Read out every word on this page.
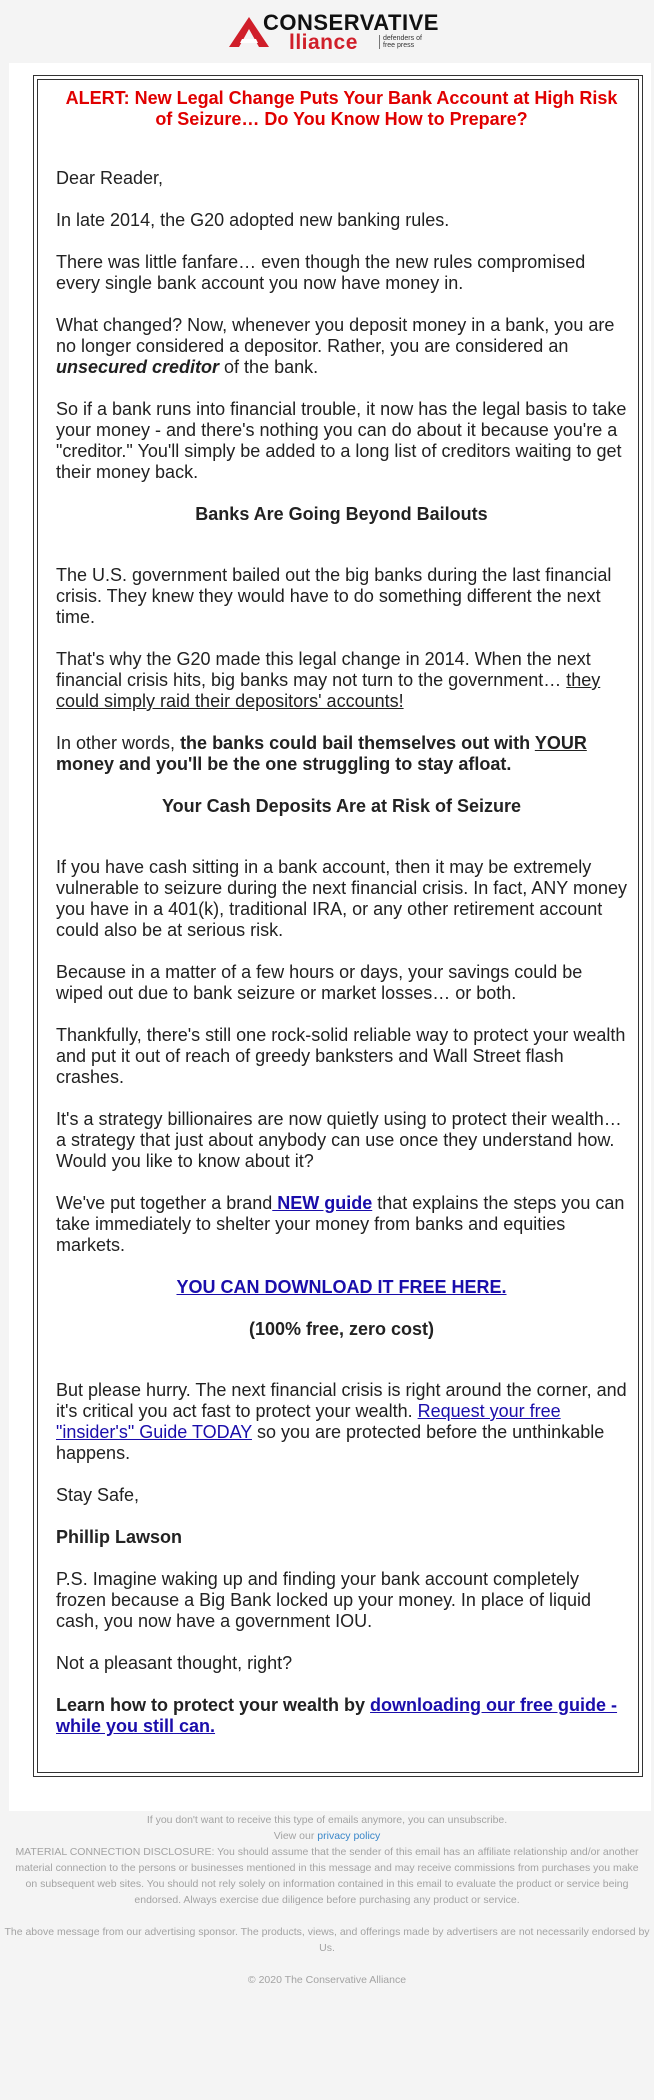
CONSERVATIVE
lliance	defenders of
free press
ALERT: New Legal Change Puts Your Bank Account at High Risk of Seizure… Do You Know How to Prepare?

Dear Reader,

In late 2014, the G20 adopted new banking rules.

There was little fanfare… even though the new rules compromised every single bank account you now have money in.

What changed? Now, whenever you deposit money in a bank, you are no longer considered a depositor. Rather, you are considered an unsecured creditor of the bank.

So if a bank runs into financial trouble, it now has the legal basis to take your money - and there's nothing you can do about it because you're a "creditor." You'll simply be added to a long list of creditors waiting to get their money back.

Banks Are Going Beyond Bailouts

The U.S. government bailed out the big banks during the last financial crisis. They knew they would have to do something different the next time.

That's why the G20 made this legal change in 2014. When the next financial crisis hits, big banks may not turn to the government… they could simply raid their depositors' accounts!

In other words, the banks could bail themselves out with YOUR money and you'll be the one struggling to stay afloat.

Your Cash Deposits Are at Risk of Seizure

If you have cash sitting in a bank account, then it may be extremely vulnerable to seizure during the next financial crisis. In fact, ANY money you have in a 401(k), traditional IRA, or any other retirement account could also be at serious risk.

Because in a matter of a few hours or days, your savings could be wiped out due to bank seizure or market losses… or both.

Thankfully, there's still one rock-solid reliable way to protect your wealth and put it out of reach of greedy banksters and Wall Street flash crashes.

It's a strategy billionaires are now quietly using to protect their wealth… a strategy that just about anybody can use once they understand how. Would you like to know about it?

We've put together a brand NEW guide that explains the steps you can take immediately to shelter your money from banks and equities markets.

YOU CAN DOWNLOAD IT FREE HERE.

(100% free, zero cost)

But please hurry. The next financial crisis is right around the corner, and it's critical you act fast to protect your wealth. Request your free "insider's" Guide TODAY so you are protected before the unthinkable happens.

Stay Safe,

Phillip Lawson

P.S. Imagine waking up and finding your bank account completely frozen because a Big Bank locked up your money. In place of liquid cash, you now have a government IOU.

Not a pleasant thought, right?

Learn how to protect your wealth by downloading our free guide - while you still can.

If you don't want to receive this type of emails anymore, you can unsubscribe.

View our privacy policy

MATERIAL CONNECTION DISCLOSURE: You should assume that the sender of this email has an affiliate relationship and/or another material connection to the persons or businesses mentioned in this message and may receive commissions from purchases you make on subsequent web sites. You should not rely solely on information contained in this email to evaluate the product or service being endorsed. Always exercise due diligence before purchasing any product or service.

The above message from our advertising sponsor. The products, views, and offerings made by advertisers are not necessarily endorsed by Us.

© 2020 The Conservative Alliance
